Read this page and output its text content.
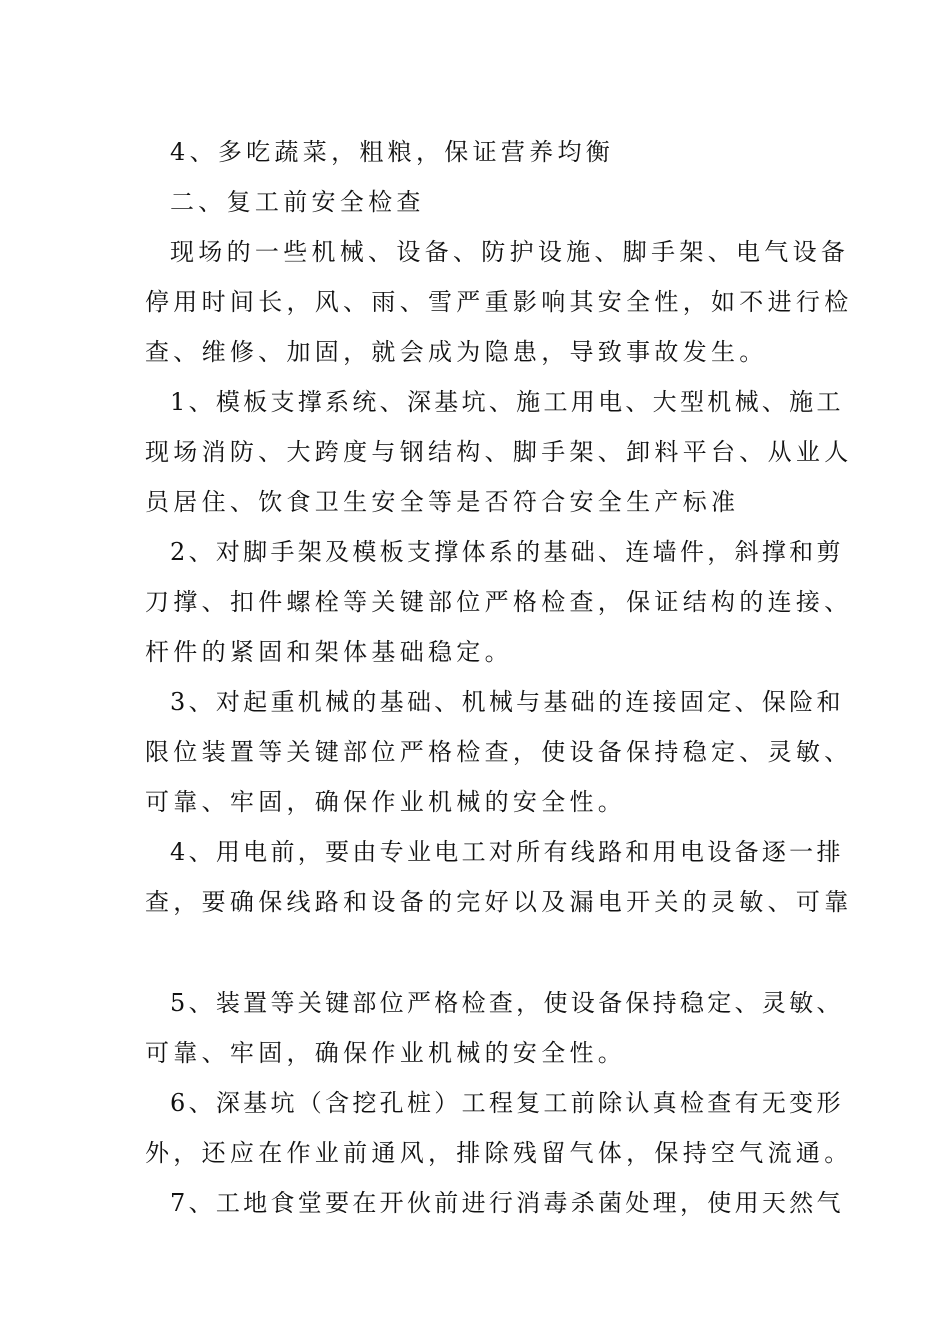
4、多吃蔬菜，粗粮，保证营养均衡
二、复工前安全检查
现场的一些机械、设备、防护设施、脚手架、电气设备
停用时间长，风、雨、雪严重影响其安全性，如不进行检
查、维修、加固，就会成为隐患，导致事故发生。
1、模板支撑系统、深基坑、施工用电、大型机械、施工
现场消防、大跨度与钢结构、脚手架、卸料平台、从业人
员居住、饮食卫生安全等是否符合安全生产标准
2、对脚手架及模板支撑体系的基础、连墙件，斜撑和剪
刀撑、扣件螺栓等关键部位严格检查，保证结构的连接、
杆件的紧固和架体基础稳定。
3、对起重机械的基础、机械与基础的连接固定、保险和
限位装置等关键部位严格检查，使设备保持稳定、灵敏、
可靠、牢固，确保作业机械的安全性。
4、用电前，要由专业电工对所有线路和用电设备逐一排
查，要确保线路和设备的完好以及漏电开关的灵敏、可靠
5、装置等关键部位严格检查，使设备保持稳定、灵敏、
可靠、牢固，确保作业机械的安全性。
6、深基坑（含挖孔桩）工程复工前除认真检查有无变形
外，还应在作业前通风，排除残留气体，保持空气流通。
7、工地食堂要在开伙前进行消毒杀菌处理，使用天然气
